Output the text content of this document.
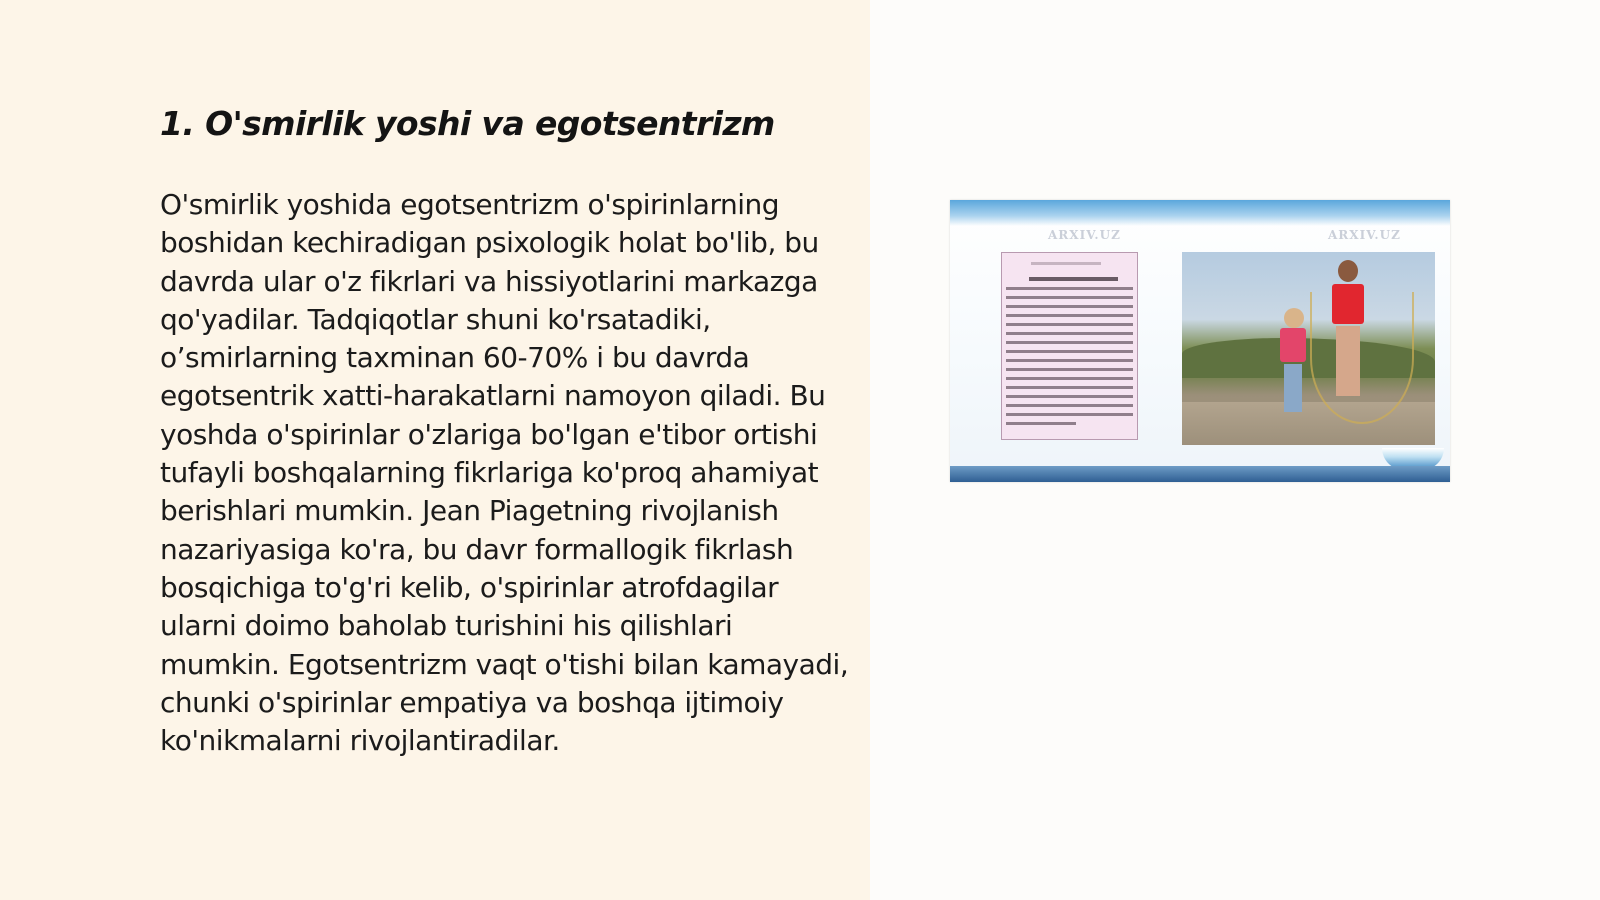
1. O'smirlik yoshi va egotsentrizm

O'smirlik yoshida egotsentrizm o'spirinlarning boshidan kechiradigan psixologik holat bo'lib, bu davrda ular o'z fikrlari va hissiyotlarini markazga qo'yadilar. Tadqiqotlar shuni ko'rsatadiki, o’smirlarning taxminan 60-70% i bu davrda egotsentrik xatti-harakatlarni namoyon qiladi. Bu yoshda o'spirinlar o'zlariga bo'lgan e'tibor ortishi tufayli boshqalarning fikrlariga ko'proq ahamiyat berishlari mumkin. Jean Piagetning rivojlanish nazariyasiga ko'ra, bu davr formallogik fikrlash bosqichiga to'g'ri kelib, o'spirinlar atrofdagilar ularni doimo baholab turishini his qilishlari mumkin. Egotsentrizm vaqt o'tishi bilan kamayadi, chunki o'spirinlar empatiya va boshqa ijtimoiy ko'nikmalarni rivojlantiradilar.

ARXIV.UZ	ARXIV.UZ
